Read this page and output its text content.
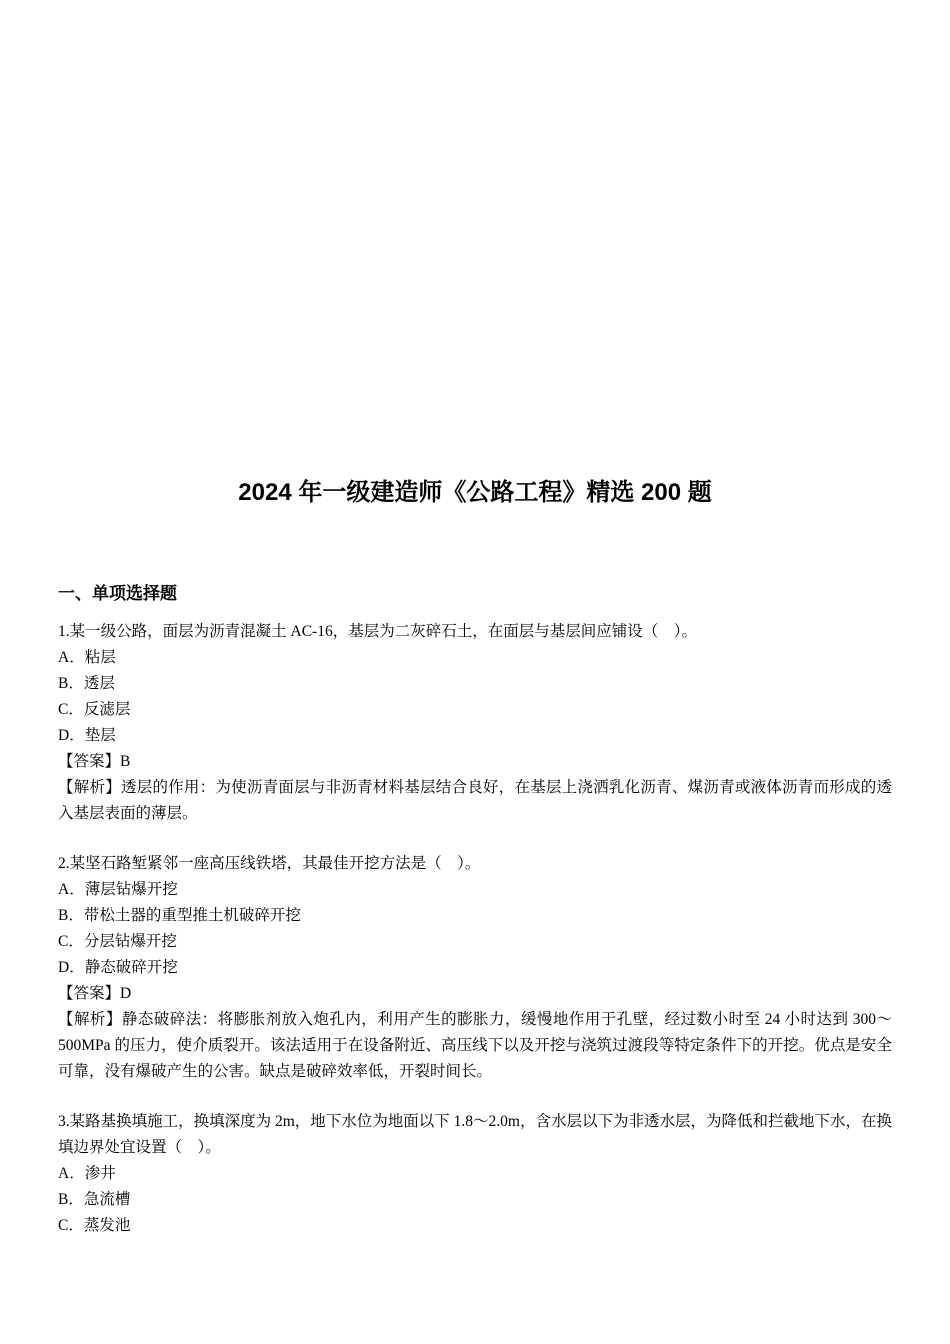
2024 年一级建造师《公路工程》精选 200 题
一、单项选择题

1.某一级公路，面层为沥青混凝土 AC-16，基层为二灰碎石土，在面层与基层间应铺设（　）。

A．粘层

B．透层

C．反滤层

D．垫层

【答案】B

【解析】透层的作用：为使沥青面层与非沥青材料基层结合良好，在基层上浇洒乳化沥青、煤沥青或液体沥青而形成的透入基层表面的薄层。

2.某坚石路堑紧邻一座高压线铁塔，其最佳开挖方法是（　）。

A．薄层钻爆开挖

B．带松土器的重型推土机破碎开挖

C．分层钻爆开挖

D．静态破碎开挖

【答案】D

【解析】静态破碎法：将膨胀剂放入炮孔内，利用产生的膨胀力，缓慢地作用于孔壁，经过数小时至 24 小时达到 300～500MPa 的压力，使介质裂开。该法适用于在设备附近、高压线下以及开挖与浇筑过渡段等特定条件下的开挖。优点是安全可靠，没有爆破产生的公害。缺点是破碎效率低，开裂时间长。

3.某路基换填施工，换填深度为 2m，地下水位为地面以下 1.8～2.0m，含水层以下为非透水层，为降低和拦截地下水，在换填边界处宜设置（　）。

A．渗井

B．急流槽

C．蒸发池
